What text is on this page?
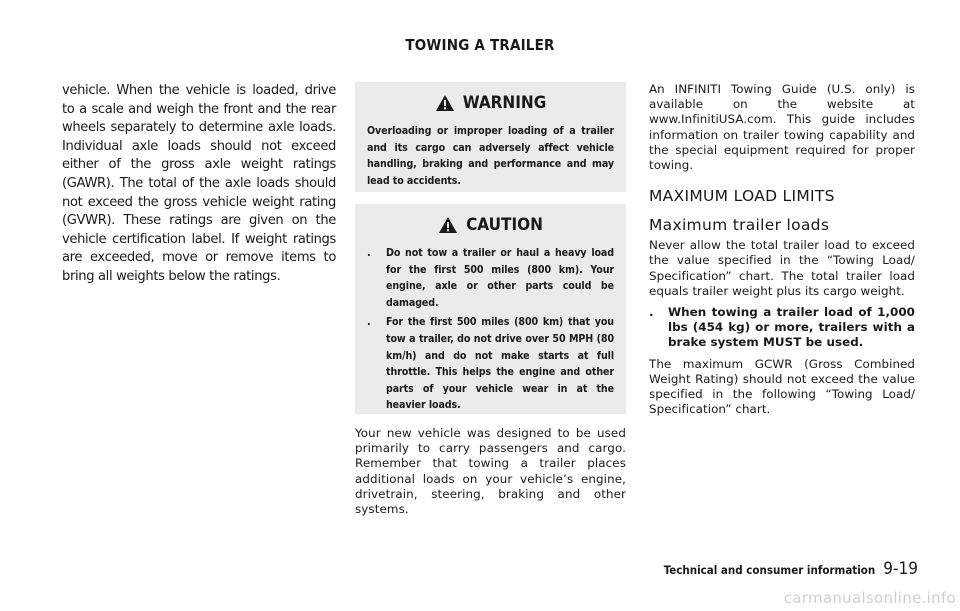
TOWING A TRAILER

vehicle. When the vehicle is loaded, drive to a scale and weigh the front and the rear wheels separately to determine axle loads. Individual axle loads should not exceed either of the gross axle weight ratings (GAWR). The total of the axle loads should not exceed the gross vehicle weight rating (GVWR). These ratings are given on the vehicle certification label. If weight ratings are exceeded, move or remove items to bring all weights below the ratings.

WARNING
Overloading or improper loading of a trailer and its cargo can adversely affect vehicle handling, braking and performance and may lead to accidents.
CAUTION
. Do not tow a trailer or haul a heavy load for the first 500 miles (800 km). Your engine, axle or other parts could be damaged.
. For the first 500 miles (800 km) that you tow a trailer, do not drive over 50 MPH (80 km/h) and do not make starts at full throttle. This helps the engine and other parts of your vehicle wear in at the heavier loads.

Your new vehicle was designed to be used primarily to carry passengers and cargo. Remember that towing a trailer places additional loads on your vehicle’s engine, drivetrain, steering, braking and other systems.

An INFINITI Towing Guide (U.S. only) is available on the website at www.InfinitiUSA.com. This guide includes information on trailer towing capability and the special equipment required for proper towing.

MAXIMUM LOAD LIMITS
Maximum trailer loads

Never allow the total trailer load to exceed the value specified in the “Towing Load/ Specification” chart. The total trailer load equals trailer weight plus its cargo weight.

. When towing a trailer load of 1,000 lbs (454 kg) or more, trailers with a brake system MUST be used.

The maximum GCWR (Gross Combined Weight Rating) should not exceed the value specified in the following “Towing Load/ Specification” chart.

Technical and consumer information 9-19
carmanualsonline.info
